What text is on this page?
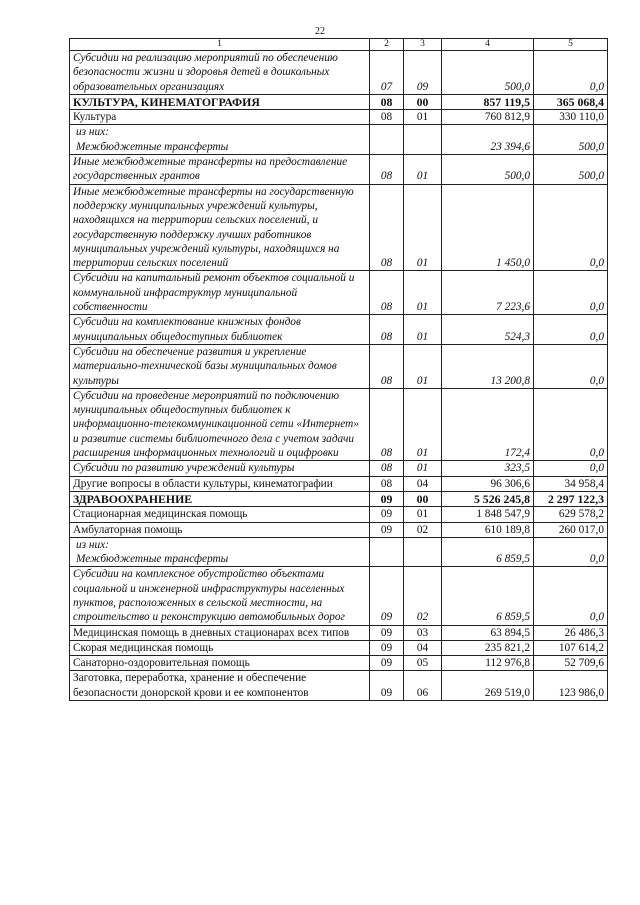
22
1	2	3	4	5
Субсидии на реализацию мероприятий по обеспечению безопасности жизни и здоровья детей в дошкольных образовательных организациях	07	09	500,0	0,0
КУЛЬТУРА, КИНЕМАТОГРАФИЯ	08	00	857 119,5	365 068,4
Культура	08	01	760 812,9	330 110,0
из них:
Межбюджетные трансферты			23 394,6	500,0
Иные межбюджетные трансферты на предоставление государственных грантов	08	01	500,0	500,0
Иные межбюджетные трансферты на государственную поддержку муниципальных учреждений культуры, находящихся на территории сельских поселений, и государственную поддержку лучших работников муниципальных учреждений культуры, находящихся на территории сельских поселений	08	01	1 450,0	0,0
Субсидии на капитальный ремонт объектов социальной и коммунальной инфраструктур муниципальной собственности	08	01	7 223,6	0,0
Субсидии на комплектование книжных фондов муниципальных общедоступных библиотек	08	01	524,3	0,0
Субсидии на обеспечение развития и укрепление материально-технической базы муниципальных домов культуры	08	01	13 200,8	0,0
Субсидии на проведение мероприятий по подключению муниципальных общедоступных библиотек к информационно-телекоммуникационной сети «Интернет» и развитие системы библиотечного дела с учетом задачи расширения информационных технологий и оцифровки	08	01	172,4	0,0
Субсидии по развитию учреждений культуры	08	01	323,5	0,0
Другие вопросы в области культуры, кинематографии	08	04	96 306,6	34 958,4
ЗДРАВООХРАНЕНИЕ	09	00	5 526 245,8	2 297 122,3
Стационарная медицинская помощь	09	01	1 848 547,9	629 578,2
Амбулаторная помощь	09	02	610 189,8	260 017,0
из них:
Межбюджетные трансферты			6 859,5	0,0
Субсидии на комплексное обустройство объектами социальной и инженерной инфраструктуры населенных пунктов, расположенных в сельской местности, на строительство и реконструкцию автомобильных дорог	09	02	6 859,5	0,0
Медицинская помощь в дневных стационарах всех типов	09	03	63 894,5	26 486,3
Скорая медицинская помощь	09	04	235 821,2	107 614,2
Санаторно-оздоровительная помощь	09	05	112 976,8	52 709,6
Заготовка, переработка, хранение и обеспечение безопасности донорской крови и ее компонентов	09	06	269 519,0	123 986,0
